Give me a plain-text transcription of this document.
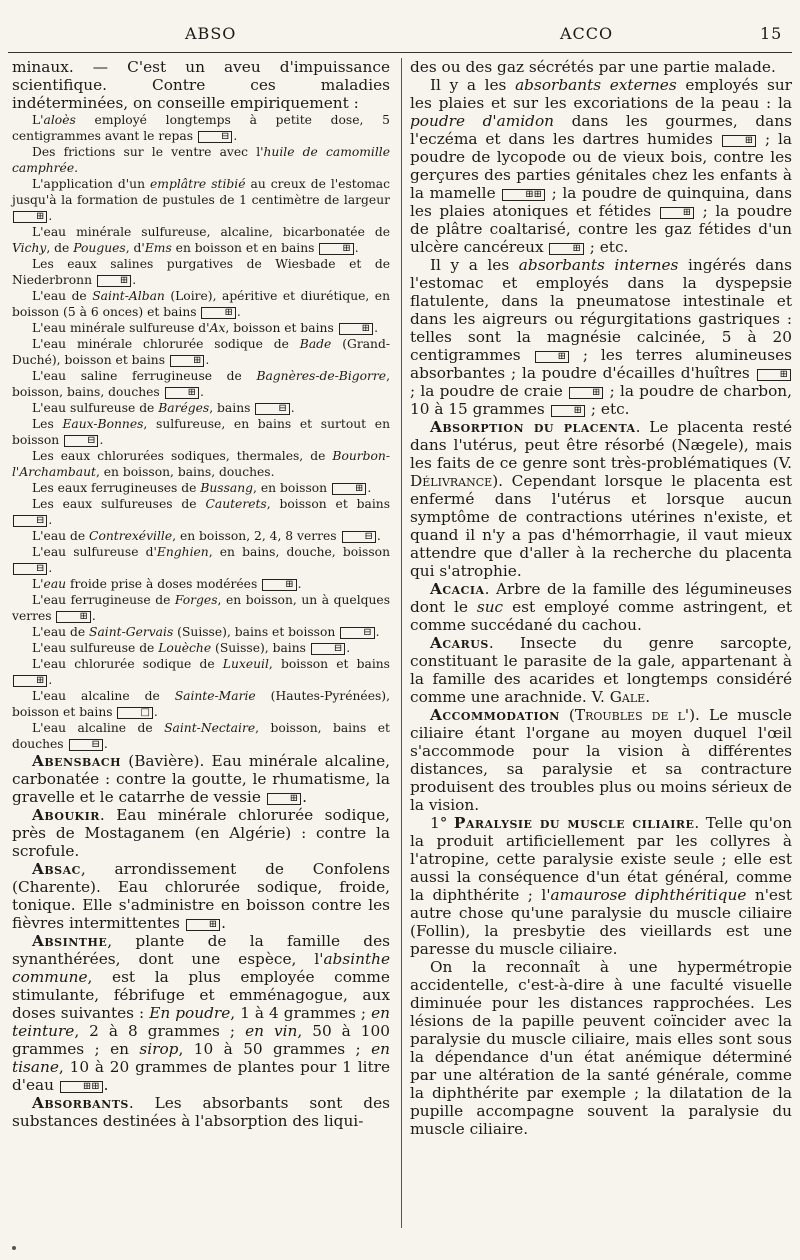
ABSO	ACCO	15

minaux. — C'est un aveu d'impuissance scientifique. Contre ces maladies indéterminées, on conseille empiriquement :

L'aloès employé longtemps à petite dose, 5 centigrammes avant le repas ⊟ .

Des frictions sur le ventre avec l'huile de camomille camphrée.

L'application d'un emplâtre stibié au creux de l'estomac jusqu'à la formation de pustules de 1 centimètre de largeur ⊞ .

L'eau minérale sulfureuse, alcaline, bicarbonatée de Vichy, de Pougues, d'Ems en boisson et en bains ⊞ .

Les eaux salines purgatives de Wiesbade et de Niederbronn ⊞ .

L'eau de Saint-Alban (Loire), apéritive et diurétique, en boisson (5 à 6 onces) et bains ⊞ .

L'eau minérale sulfureuse d'Ax, boisson et bains ⊞ .

L'eau minérale chlorurée sodique de Bade (Grand-Duché), boisson et bains ⊞ .

L'eau saline ferrugineuse de Bagnères-de-Bigorre, boisson, bains, douches ⊞ .

L'eau sulfureuse de Baréges, bains ⊟ .

Les Eaux-Bonnes, sulfureuse, en bains et surtout en boisson ⊟ .

Les eaux chlorurées sodiques, thermales, de Bourbon-l'Archambaut, en boisson, bains, douches.

Les eaux ferrugineuses de Bussang, en boisson ⊞ .

Les eaux sulfureuses de Cauterets, boisson et bains ⊟ .

L'eau de Contrexéville, en boisson, 2, 4, 8 verres ⊟ .

L'eau sulfureuse d'Enghien, en bains, douche, boisson ⊟ .

L'eau froide prise à doses modérées ⊞ .

L'eau ferrugineuse de Forges, en boisson, un à quelques verres ⊞ .

L'eau de Saint-Gervais (Suisse), bains et boisson ⊟ .

L'eau sulfureuse de Louèche (Suisse), bains ⊟ .

L'eau chlorurée sodique de Luxeuil, boisson et bains ⊞ .

L'eau alcaline de Sainte-Marie (Hautes-Pyrénées), boisson et bains □ .

L'eau alcaline de Saint-Nectaire, boisson, bains et douches ⊟ .

Abensbach (Bavière). Eau minérale alcaline, carbonatée : contre la goutte, le rhumatisme, la gravelle et le catarrhe de vessie ⊞ .

Aboukir. Eau minérale chlorurée sodique, près de Mostaganem (en Algérie) : contre la scrofule.

Absac, arrondissement de Confolens (Charente). Eau chlorurée sodique, froide, tonique. Elle s'administre en boisson contre les fièvres intermittentes ⊞ .

Absinthe, plante de la famille des synanthérées, dont une espèce, l'absinthe commune, est la plus employée comme stimulante, fébrifuge et emménagogue, aux doses suivantes : En poudre, 1 à 4 grammes ; en teinture, 2 à 8 grammes ; en vin, 50 à 100 grammes ; en sirop, 10 à 50 grammes ; en tisane, 10 à 20 grammes de plantes pour 1 litre d'eau ⊞⊞ .

Absorbants. Les absorbants sont des substances destinées à l'absorption des liqui-

des ou des gaz sécrétés par une partie malade.

Il y a les absorbants externes employés sur les plaies et sur les excoriations de la peau : la poudre d'amidon dans les gourmes, dans l'eczéma et dans les dartres humides ⊞ ; la poudre de lycopode ou de vieux bois, contre les gerçures des parties génitales chez les enfants à la mamelle ⊞⊞ ; la poudre de quinquina, dans les plaies atoniques et fétides ⊞ ; la poudre de plâtre coaltarisé, contre les gaz fétides d'un ulcère cancéreux ⊞ ; etc.

Il y a les absorbants internes ingérés dans l'estomac et employés dans la dyspepsie flatulente, dans la pneumatose intestinale et dans les aigreurs ou régurgitations gastriques : telles sont la magnésie calcinée, 5 à 20 centigrammes ⊞ ; les terres alumineuses absorbantes ; la poudre d'écailles d'huîtres ⊞ ; la poudre de craie ⊞ ; la poudre de charbon, 10 à 15 grammes ⊞ ; etc.

Absorption du placenta. Le placenta resté dans l'utérus, peut être résorbé (Nægele), mais les faits de ce genre sont très-problématiques (V. Délivrance). Cependant lorsque le placenta est enfermé dans l'utérus et lorsque aucun symptôme de contractions utérines n'existe, et quand il n'y a pas d'hémorrhagie, il vaut mieux attendre que d'aller à la recherche du placenta qui s'atrophie.

Acacia. Arbre de la famille des légumineuses dont le suc est employé comme astringent, et comme succédané du cachou.

Acarus. Insecte du genre sarcopte, constituant le parasite de la gale, appartenant à la famille des acarides et longtemps considéré comme une arachnide. V. Gale.

Accommodation (Troubles de l'). Le muscle ciliaire étant l'organe au moyen duquel l'œil s'accommode pour la vision à différentes distances, sa paralysie et sa contracture produisent des troubles plus ou moins sérieux de la vision.

1° Paralysie du muscle ciliaire. Telle qu'on la produit artificiellement par les collyres à l'atropine, cette paralysie existe seule ; elle est aussi la conséquence d'un état général, comme la diphthérite ; l'amaurose diphthéritique n'est autre chose qu'une paralysie du muscle ciliaire (Follin), la presbytie des vieillards est une paresse du muscle ciliaire.

On la reconnaît à une hypermétropie accidentelle, c'est-à-dire à une faculté visuelle diminuée pour les distances rapprochées. Les lésions de la papille peuvent coïncider avec la paralysie du muscle ciliaire, mais elles sont sous la dépendance d'un état anémique déterminé par une altération de la santé générale, comme la diphthérite par exemple ; la dilatation de la pupille accompagne souvent la paralysie du muscle ciliaire.
